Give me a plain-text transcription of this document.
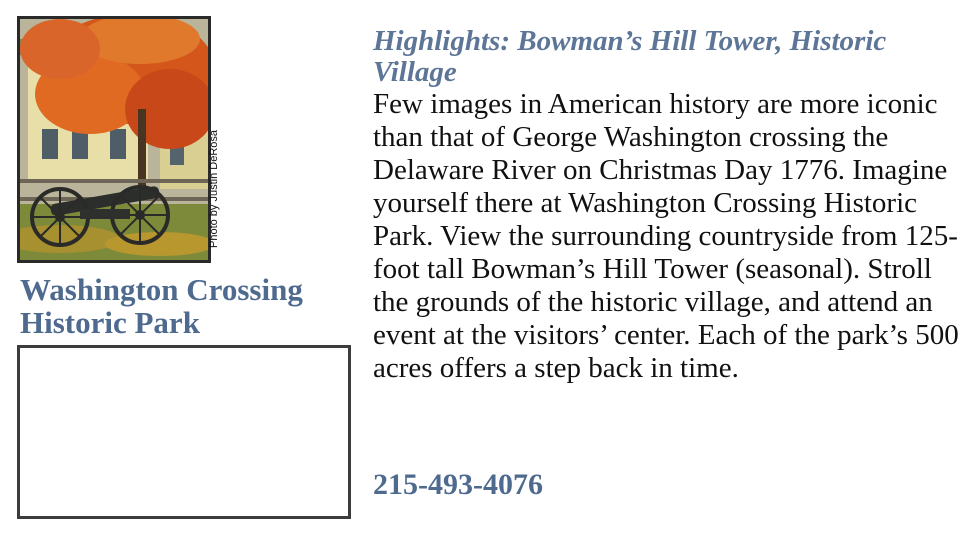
Photo by Justin DeRosa
Washington Crossing
Historic Park

Highlights: Bowman’s Hill Tower, Historic Village

Few images in American history are more iconic than that of George Washington crossing the Delaware River on Christmas Day 1776. Imagine yourself there at Washington Crossing Historic Park. View the surrounding countryside from 125-foot tall Bowman’s Hill Tower (seasonal). Stroll the grounds of the historic village, and attend an event at the visitors’ center. Each of the park’s 500 acres offers a step back in time.

215-493-4076
